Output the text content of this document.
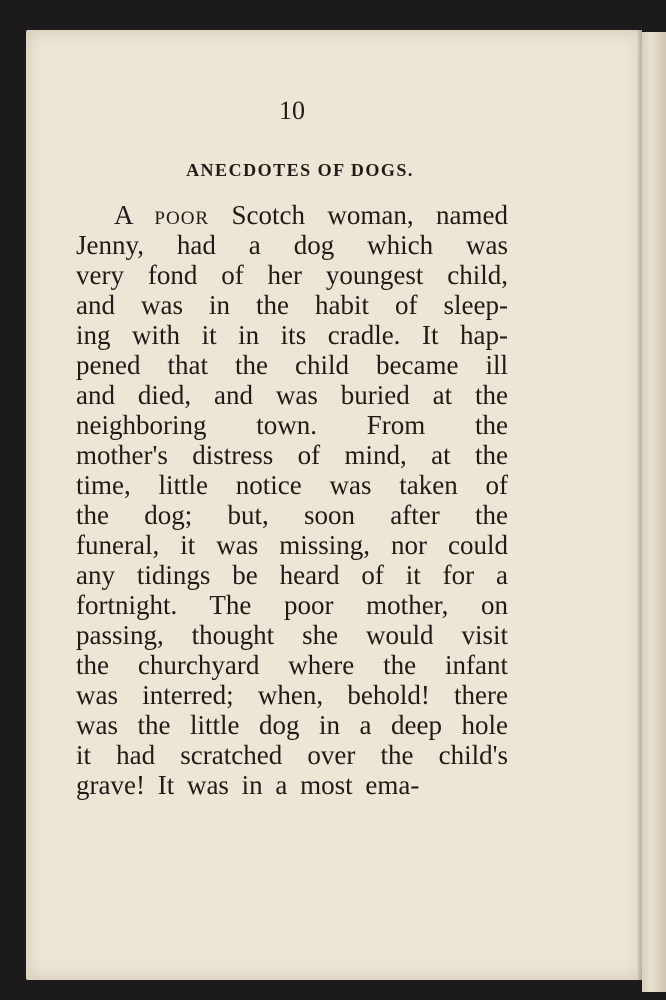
10
ANECDOTES OF DOGS.
A poor Scotch woman, named
Jenny, had a dog which was
very fond of her youngest child,
and was in the habit of sleep-
ing with it in its cradle. It hap-
pened that the child became ill
and died, and was buried at the
neighboring town. From the
mother's distress of mind, at the
time, little notice was taken of
the dog; but, soon after the
funeral, it was missing, nor could
any tidings be heard of it for a
fortnight. The poor mother, on
passing, thought she would visit
the churchyard where the infant
was interred; when, behold! there
was the little dog in a deep hole
it had scratched over the child's
grave! It was in a most ema-
